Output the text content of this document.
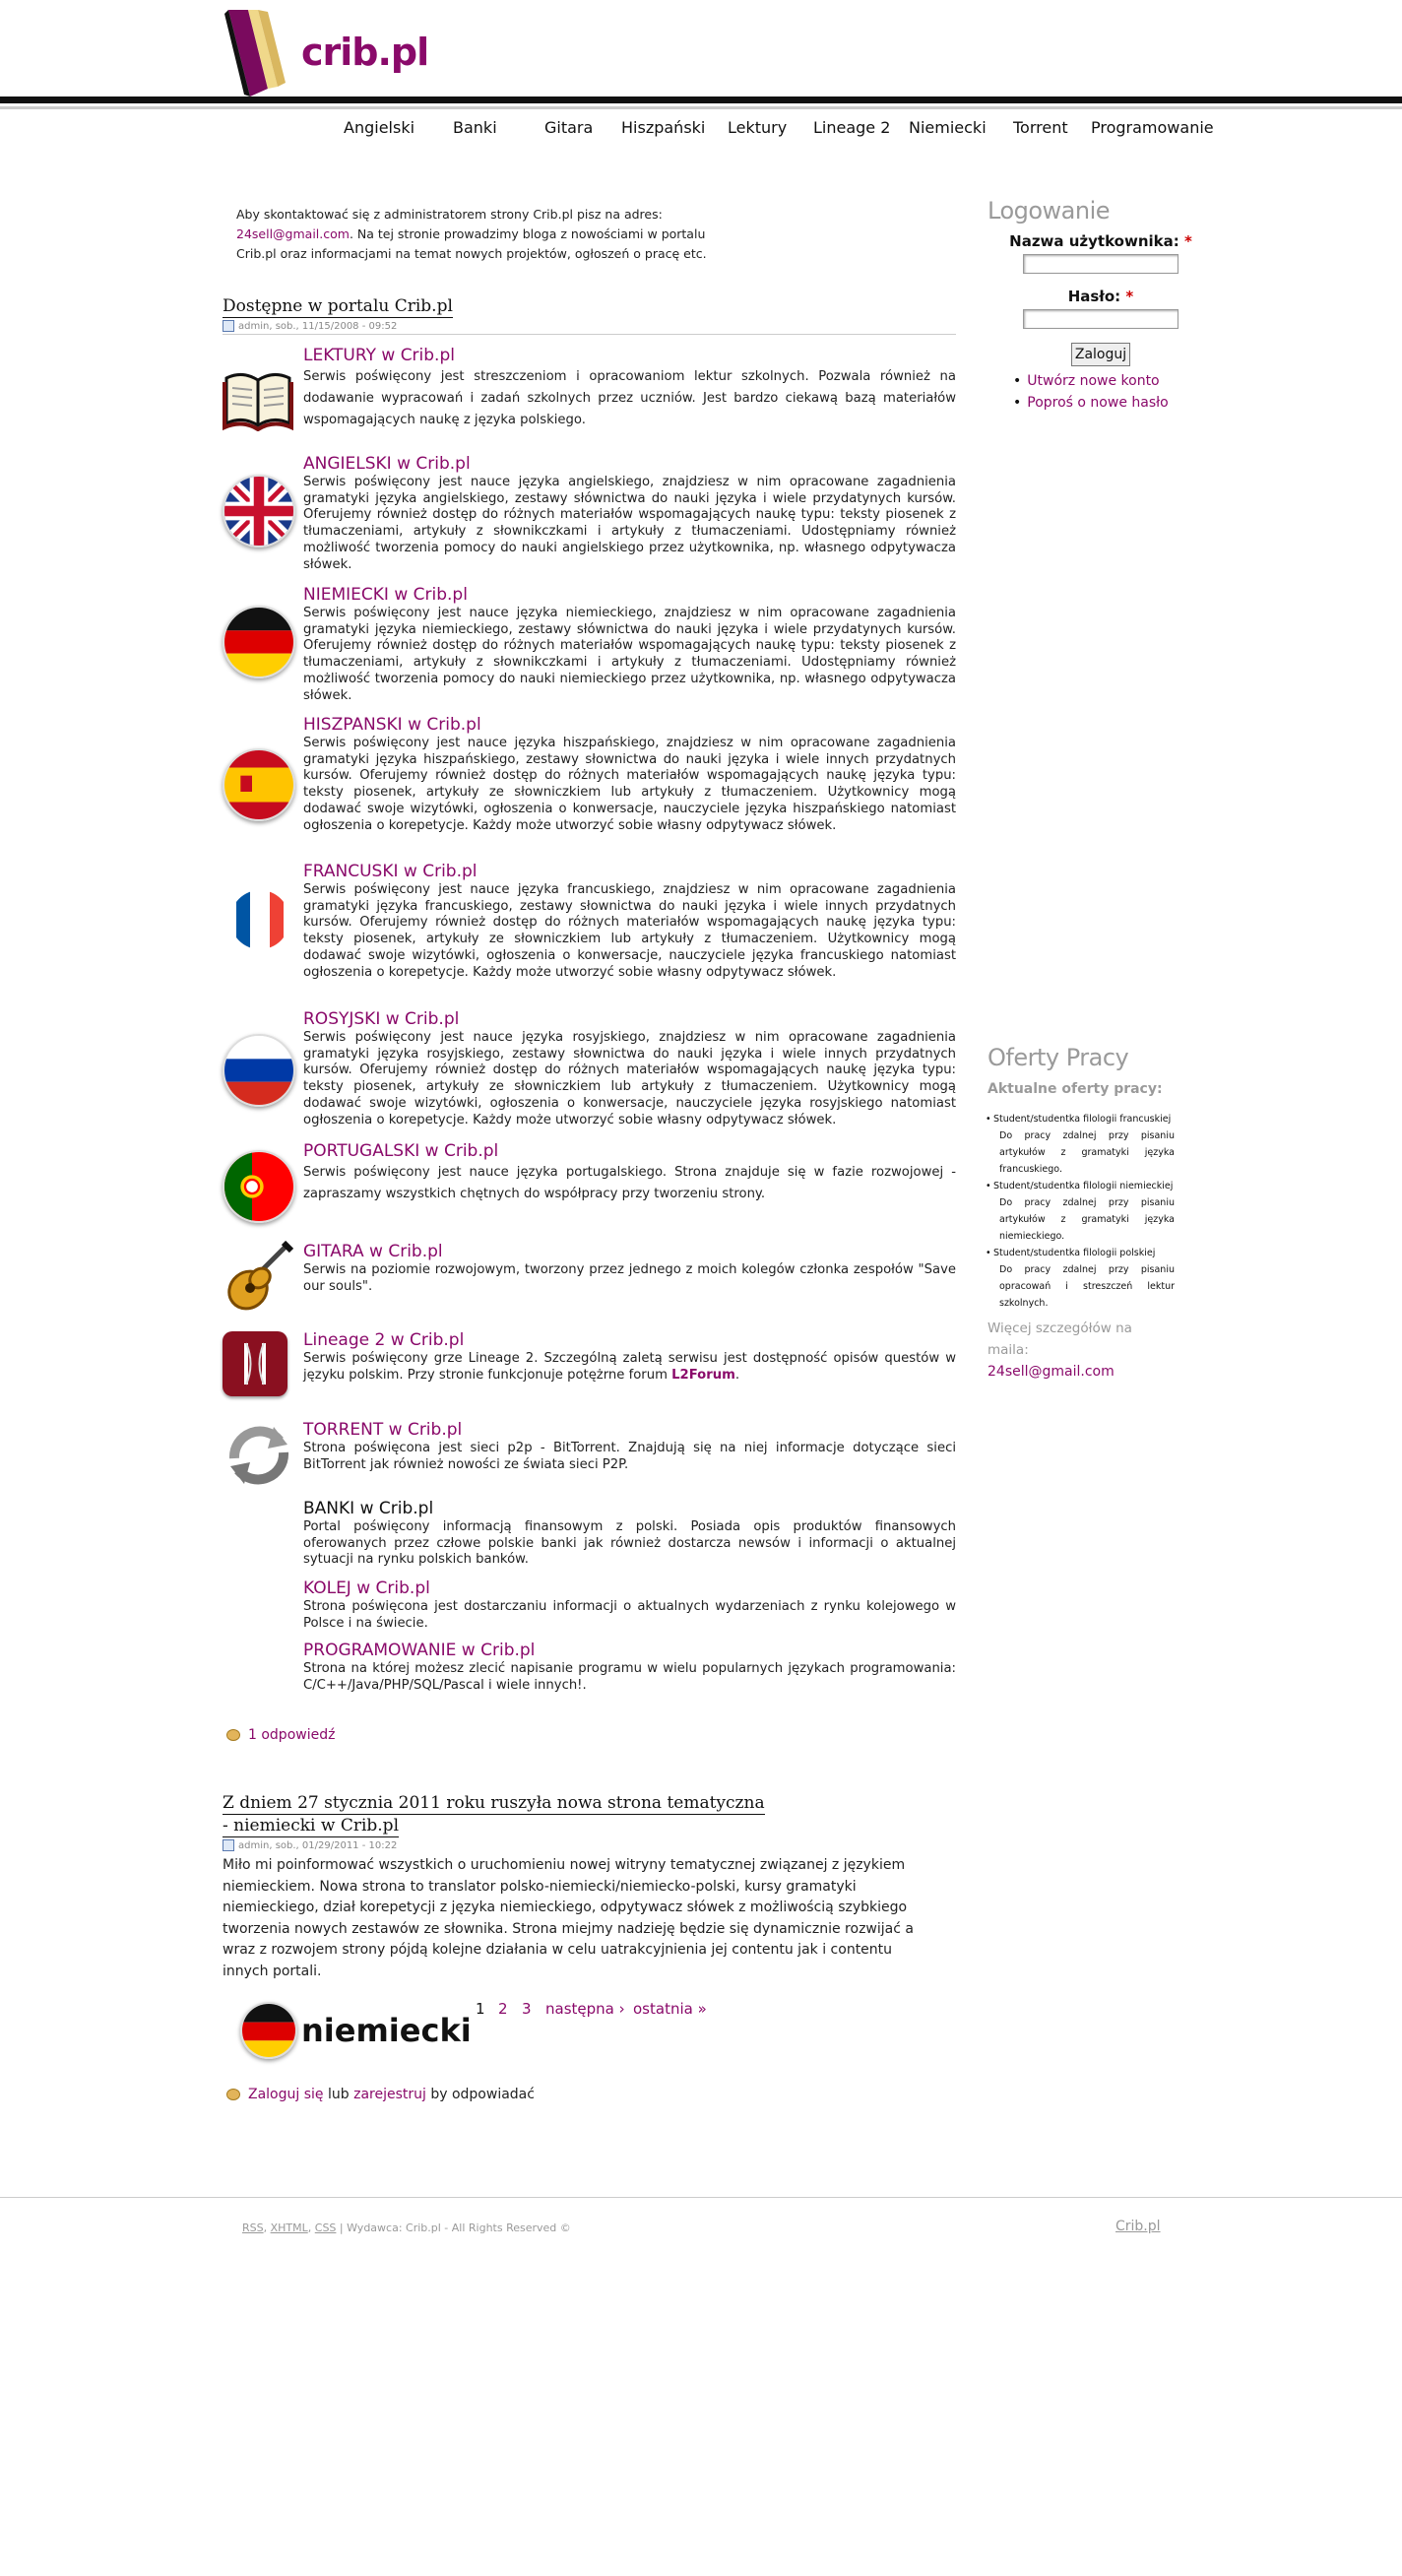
crib.pl
Angielski Banki	Gitara Hiszpański Lektury Lineage 2 Niemiecki Torrent Programowanie
Aby skontaktować się z administratorem strony Crib.pl pisz na adres:
24sell@gmail.com. Na tej stronie prowadzimy bloga z nowościami w portalu
Crib.pl oraz informacjami na temat nowych projektów, ogłoszeń o pracę etc.
Dostępne w portalu Crib.pl
admin, sob., 11/15/2008 - 09:52
LEKTURY w Crib.pl
Serwis poświęcony jest streszczeniom i opracowaniom lektur szkolnych. Pozwala również na dodawanie wypracowań i zadań szkolnych przez uczniów. Jest bardzo ciekawą bazą materiałów wspomagających naukę z języka polskiego.
ANGIELSKI w Crib.pl
Serwis poświęcony jest nauce języka angielskiego, znajdziesz w nim opracowane zagadnienia gramatyki języka angielskiego, zestawy słównictwa do nauki języka i wiele przydatynych kursów. Oferujemy również dostęp do różnych materiałów wspomagających naukę typu: teksty piosenek z tłumaczeniami, artykuły z słownikczkami i artykuły z tłumaczeniami. Udostępniamy również możliwość tworzenia pomocy do nauki angielskiego przez użytkownika, np. własnego odpytywacza słówek.
NIEMIECKI w Crib.pl
Serwis poświęcony jest nauce języka niemieckiego, znajdziesz w nim opracowane zagadnienia gramatyki języka niemieckiego, zestawy słównictwa do nauki języka i wiele przydatynych kursów. Oferujemy również dostęp do różnych materiałów wspomagających naukę typu: teksty piosenek z tłumaczeniami, artykuły z słownikczkami i artykuły z tłumaczeniami. Udostępniamy również możliwość tworzenia pomocy do nauki niemieckiego przez użytkownika, np. własnego odpytywacza słówek.
HISZPANSKI w Crib.pl
Serwis poświęcony jest nauce języka hiszpańskiego, znajdziesz w nim opracowane zagadnienia gramatyki języka hiszpańskiego, zestawy słownictwa do nauki języka i wiele innych przydatnych kursów. Oferujemy również dostęp do różnych materiałów wspomagających naukę języka typu: teksty piosenek, artykuły ze słowniczkiem lub artykuły z tłumaczeniem. Użytkownicy mogą dodawać swoje wizytówki, ogłoszenia o konwersacje, nauczyciele języka hiszpańskiego natomiast ogłoszenia o korepetycje. Każdy może utworzyć sobie własny odpytywacz słówek.
FRANCUSKI w Crib.pl
Serwis poświęcony jest nauce języka francuskiego, znajdziesz w nim opracowane zagadnienia gramatyki języka francuskiego, zestawy słownictwa do nauki języka i wiele innych przydatnych kursów. Oferujemy również dostęp do różnych materiałów wspomagających naukę języka typu: teksty piosenek, artykuły ze słowniczkiem lub artykuły z tłumaczeniem. Użytkownicy mogą dodawać swoje wizytówki, ogłoszenia o konwersacje, nauczyciele języka francuskiego natomiast ogłoszenia o korepetycje. Każdy może utworzyć sobie własny odpytywacz słówek.
ROSYJSKI w Crib.pl
Serwis poświęcony jest nauce języka rosyjskiego, znajdziesz w nim opracowane zagadnienia gramatyki języka rosyjskiego, zestawy słownictwa do nauki języka i wiele innych przydatnych kursów. Oferujemy również dostęp do różnych materiałów wspomagających naukę języka typu: teksty piosenek, artykuły ze słowniczkiem lub artykuły z tłumaczeniem. Użytkownicy mogą dodawać swoje wizytówki, ogłoszenia o konwersacje, nauczyciele języka rosyjskiego natomiast ogłoszenia o korepetycje. Każdy może utworzyć sobie własny odpytywacz słówek.
PORTUGALSKI w Crib.pl
Serwis poświęcony jest nauce języka portugalskiego. Strona znajduje się w fazie rozwojowej - zapraszamy wszystkich chętnych do współpracy przy tworzeniu strony.
GITARA w Crib.pl
Serwis na poziomie rozwojowym, tworzony przez jednego z moich kolegów członka zespołów "Save our souls".
Lineage 2 w Crib.pl
Serwis poświęcony grze Lineage 2. Szczególną zaletą serwisu jest dostępność opisów questów w języku polskim. Przy stronie funkcjonuje potężrne forum L2Forum.
TORRENT w Crib.pl
Strona poświęcona jest sieci p2p - BitTorrent. Znajdują się na niej informacje dotyczące sieci BitTorrent jak również nowości ze świata sieci P2P.
BANKI w Crib.pl
Portal poświęcony informacją finansowym z polski. Posiada opis produktów finansowych oferowanych przez człowe polskie banki jak również dostarcza newsów i informacji o aktualnej sytuacji na rynku polskich banków.
KOLEJ w Crib.pl
Strona poświęcona jest dostarczaniu informacji o aktualnych wydarzeniach z rynku kolejowego w Polsce i na świecie.
PROGRAMOWANIE w Crib.pl
Strona na której możesz zlecić napisanie programu w wielu popularnych językach programowania: C/C++/Java/PHP/SQL/Pascal i wiele innych!.
1 odpowiedź
Z dniem 27 stycznia 2011 roku ruszyła nowa strona tematyczna
- niemiecki w Crib.pl
admin, sob., 01/29/2011 - 10:22
Miło mi poinformować wszystkich o uruchomieniu nowej witryny tematycznej związanej z językiem niemieckiem. Nowa strona to translator polsko-niemiecki/niemiecko-polski, kursy gramatyki niemieckiego, dział korepetycji z języka niemieckiego, odpytywacz słówek z możliwością szybkiego tworzenia nowych zestawów ze słownika. Strona miejmy nadzieję będzie się dynamicznie rozwijać a wraz z rozwojem strony pójdą kolejne działania w celu uatrakcyjnienia jej contentu jak i contentu innych portali.
niemiecki
Zaloguj się lub zarejestruj by odpowiadać
1 2 3 następna › ostatnia »
Logowanie
Nazwa użytkownika: *
Hasło: *
Zaloguj
• Utwórz nowe konto
• Poproś o nowe hasło
Oferty Pracy
Aktualne oferty pracy:
• Student/studentka filologii francuskiej
Do pracy zdalnej przy pisaniu artykułów z gramatyki języka francuskiego.
• Student/studentka filologii niemieckiej
Do pracy zdalnej przy pisaniu artykułów z gramatyki języka niemieckiego.
• Student/studentka filologii polskiej
Do pracy zdalnej przy pisaniu opracowań i streszczeń lektur szkolnych.
Więcej szczegółów na maila:
24sell@gmail.com
RSS, XHTML, CSS | Wydawca: Crib.pl - All Rights Reserved ©	Crib.pl
